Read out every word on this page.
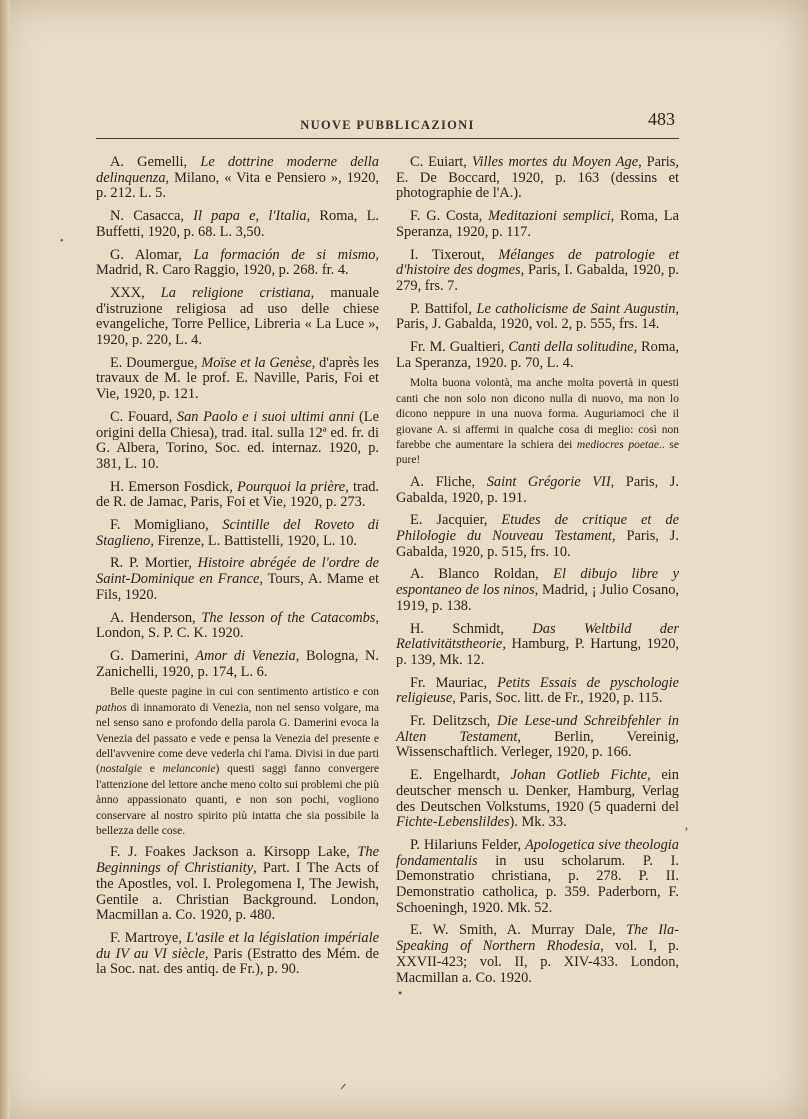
NUOVE PUBBLICAZIONI	483

A. Gemelli, Le dottrine moderne della delinquenza, Milano, « Vita e Pensiero », 1920, p. 212. L. 5.

N. Casacca, Il papa e, l'Italia, Roma, L. Buffetti, 1920, p. 68. L. 3,50.

G. Alomar, La formación de si mismo, Madrid, R. Caro Raggio, 1920, p. 268. fr. 4.

XXX, La religione cristiana, manuale d'istruzione religiosa ad uso delle chiese evangeliche, Torre Pellice, Libreria « La Luce », 1920, p. 220, L. 4.

E. Doumergue, Moïse et la Genèse, d'après les travaux de M. le prof. E. Naville, Paris, Foi et Vie, 1920, p. 121.

C. Fouard, San Paolo e i suoi ultimi anni (Le origini della Chiesa), trad. ital. sulla 12ª ed. fr. di G. Albera, Torino, Soc. ed. internaz. 1920, p. 381, L. 10.

H. Emerson Fosdick, Pourquoi la prière, trad. de R. de Jamac, Paris, Foi et Vie, 1920, p. 273.

F. Momigliano, Scintille del Roveto di Staglieno, Firenze, L. Battistelli, 1920, L. 10.

R. P. Mortier, Histoire abrégée de l'ordre de Saint-Dominique en France, Tours, A. Mame et Fils, 1920.

A. Henderson, The lesson of the Catacombs, London, S. P. C. K. 1920.

G. Damerini, Amor di Venezia, Bologna, N. Zanichelli, 1920, p. 174, L. 6.

Belle queste pagine in cui con sentimento artistico e con pathos di innamorato di Venezia, non nel senso volgare, ma nel senso sano e profondo della parola G. Damerini evoca la Venezia del passato e vede e pensa la Venezia del presente e dell'avvenire come deve vederla chi l'ama. Divisi in due parti (nostalgie e melanconie) questi saggi fanno convergere l'attenzione del lettore anche meno colto sui problemi che più ànno appassionato quanti, e non son pochi, vogliono conservare al nostro spirito più intatta che sia possibile la bellezza delle cose.

F. J. Foakes Jackson a. Kirsopp Lake, The Beginnings of Christianity, Part. I The Acts of the Apostles, vol. I. Prolegomena I, The Jewish, Gentile a. Christian Background. London, Macmillan a. Co. 1920, p. 480.

F. Martroye, L'asile et la législation impériale du IV au VI siècle, Paris (Estratto des Mém. de la Soc. nat. des antiq. de Fr.), p. 90.

C. Euiart, Villes mortes du Moyen Age, Paris, E. De Boccard, 1920, p. 163 (dessins et photographie de l'A.).

F. G. Costa, Meditazioni semplici, Roma, La Speranza, 1920, p. 117.

I. Tixerout, Mélanges de patrologie et d'histoire des dogmes, Paris, I. Gabalda, 1920, p. 279, frs. 7.

P. Battifol, Le catholicisme de Saint Augustin, Paris, J. Gabalda, 1920, vol. 2, p. 555, frs. 14.

Fr. M. Gualtieri, Canti della solitudine, Roma, La Speranza, 1920. p. 70, L. 4.

Molta buona volontà, ma anche molta povertà in questi canti che non solo non dicono nulla di nuovo, ma non lo dicono neppure in una nuova forma. Auguriamoci che il giovane A. si affermi in qualche cosa di meglio: così non farebbe che aumentare la schiera dei mediocres poetae.. se pure!

A. Fliche, Saint Grégorie VII, Paris, J. Gabalda, 1920, p. 191.

E. Jacquier, Etudes de critique et de Philologie du Nouveau Testament, Paris, J. Gabalda, 1920, p. 515, frs. 10.

A. Blanco Roldan, El dibujo libre y espontaneo de los ninos, Madrid, ¡ Julio Cosano, 1919, p. 138.

H. Schmidt, Das Weltbild der Relativitätstheorie, Hamburg, P. Hartung, 1920, p. 139, Mk. 12.

Fr. Mauriac, Petits Essais de pyschologie religieuse, Paris, Soc. litt. de Fr., 1920, p. 115.

Fr. Delitzsch, Die Lese-und Schreibfehler in Alten Testament, Berlin, Vereinig, Wissenschaftlich. Verleger, 1920, p. 166.

E. Engelhardt, Johan Gotlieb Fichte, ein deutscher mensch u. Denker, Hamburg, Verlag des Deutschen Volkstums, 1920 (5 quaderni del Fichte-Lebenslildes). Mk. 33.

P. Hilariuns Felder, Apologetica sive theologia fondamentalis in usu scholarum. P. I. Demonstratio christiana, p. 278. P. II. Demonstratio catholica, p. 359. Paderborn, F. Schoeningh, 1920. Mk. 52.

E. W. Smith, A. Murray Dale, The Ila-Speaking of Northern Rhodesia, vol. I, p. XXVII-423; vol. II, p. XIV-433. London, Macmillan a. Co. 1920.

‚
•
ᐟ
•
